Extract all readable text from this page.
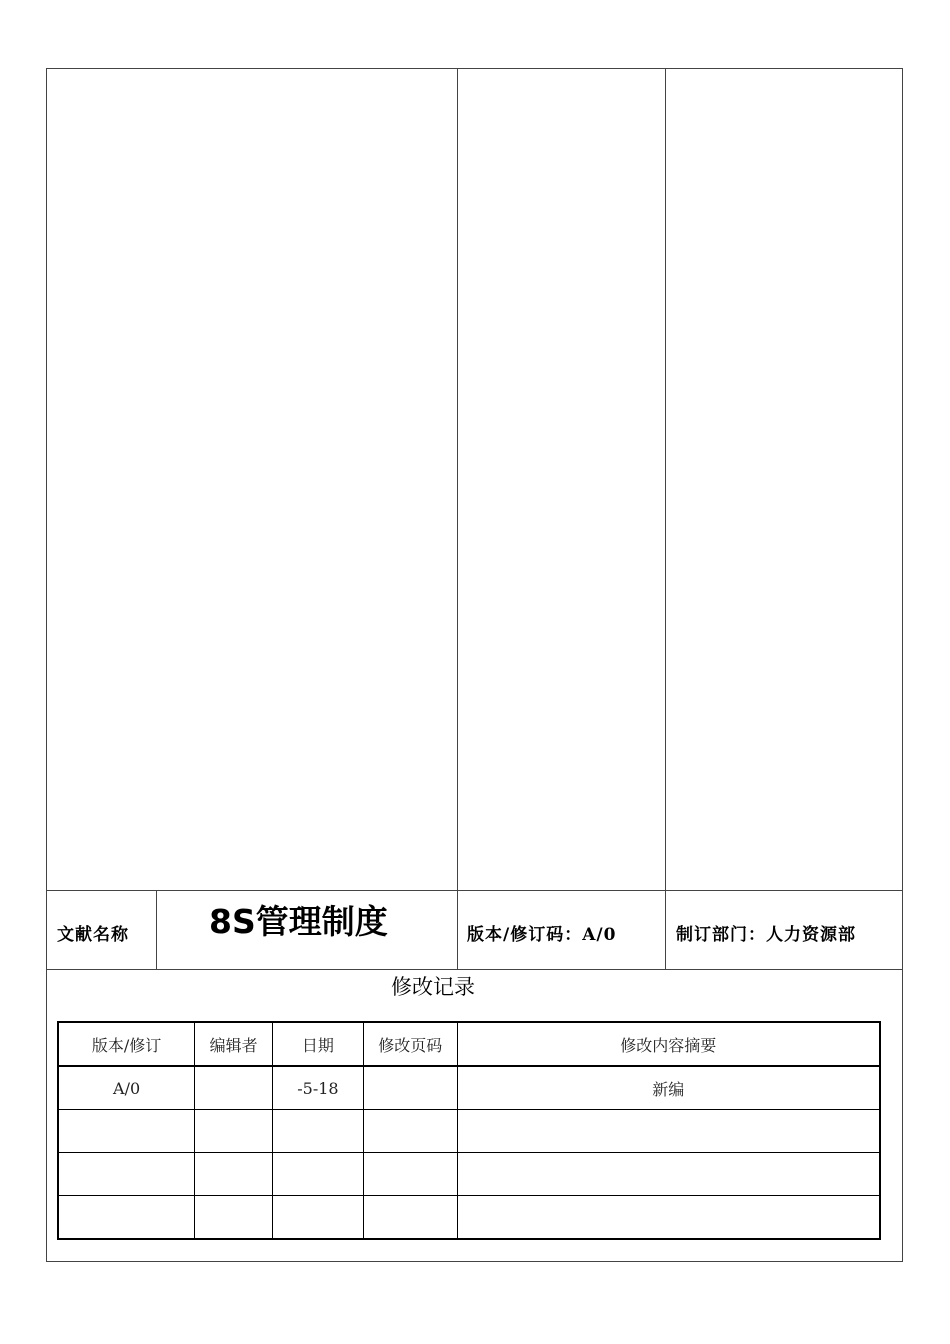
文献名称 8S管理制度	版本/修订码：A/0	制订部门：人力资源部
修改记录
版本/修订	编辑者	日期	修改页码	修改内容摘要
A/0		-5-18		新编
